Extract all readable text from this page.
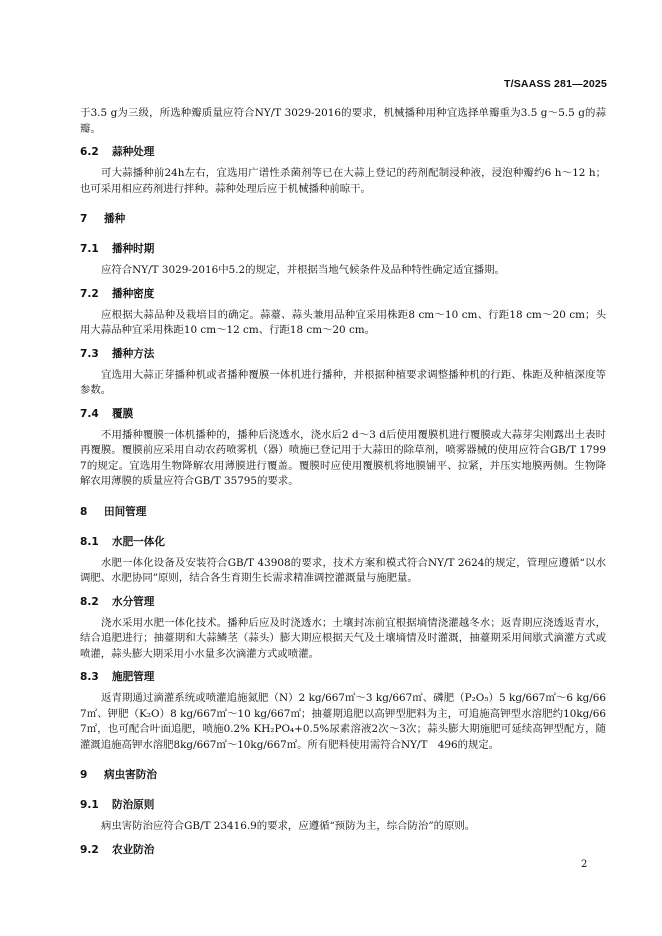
T/SAASS 281—2025

于3.5 g为三级，所选种瓣质量应符合NY/T 3029-2016的要求，机械播种用种宜选择单瓣重为3.5 g～5.5 g的蒜瓣。

6.2	蒜种处理

可大蒜播种前24h左右，宜选用广谱性杀菌剂等已在大蒜上登记的药剂配制浸种液，浸泡种瓣约6 h～12 h；也可采用相应药剂进行拌种。蒜种处理后应于机械播种前晾干。

7	播种
7.1	播种时期

应符合NY/T 3029-2016中5.2的规定，并根据当地气候条件及品种特性确定适宜播期。

7.2	播种密度

应根据大蒜品种及栽培目的确定。蒜薹、蒜头兼用品种宜采用株距8 cm～10 cm、行距18 cm～20 cm；头用大蒜品种宜采用株距10 cm～12 cm、行距18 cm～20 cm。

7.3	播种方法

宜选用大蒜正芽播种机或者播种覆膜一体机进行播种，并根据种植要求调整播种机的行距、株距及种植深度等参数。

7.4	覆膜

不用播种覆膜一体机播种的，播种后浇透水，浇水后2 d～3 d后使用覆膜机进行覆膜或大蒜芽尖刚露出土表时再覆膜。覆膜前应采用自动农药喷雾机（器）喷施已登记用于大蒜田的除草剂，喷雾器械的使用应符合GB/T 17997的规定。宜选用生物降解农用薄膜进行覆盖。覆膜时应使用覆膜机将地膜铺平、拉紧，并压实地膜两侧。生物降解农用薄膜的质量应符合GB/T 35795的要求。

8	田间管理
8.1	水肥一体化

水肥一体化设备及安装符合GB/T 43908的要求，技术方案和模式符合NY/T 2624的规定，管理应遵循“以水调肥、水肥协同”原则，结合各生育期生长需求精准调控灌溉量与施肥量。

8.2	水分管理

浇水采用水肥一体化技术。播种后应及时浇透水；土壤封冻前宜根据墒情浇灌越冬水；返青期应浇透返青水，结合追肥进行；抽薹期和大蒜鳞茎（蒜头）膨大期应根据天气及土壤墒情及时灌溉，抽薹期采用间歇式滴灌方式或喷灌，蒜头膨大期采用小水量多次滴灌方式或喷灌。

8.3	施肥管理

返青期通过滴灌系统或喷灌追施氮肥（N）2 kg/667㎡～3 kg/667㎡、磷肥（P₂O₅）5 kg/667㎡～6 kg/667㎡、钾肥（K₂O）8 kg/667㎡～10 kg/667㎡；抽薹期追肥以高钾型肥料为主，可追施高钾型水溶肥约10kg/667㎡，也可配合叶面追肥，喷施0.2% KH₂PO₄+0.5%尿素溶液2次～3次；蒜头膨大期施肥可延续高钾型配方，随灌溉追施高钾水溶肥8kg/667㎡～10kg/667㎡。所有肥料使用需符合NY/T　496的规定。

9	病虫害防治
9.1	防治原则

病虫害防治应符合GB/T 23416.9的要求，应遵循“预防为主，综合防治”的原则。

9.2	农业防治
2
